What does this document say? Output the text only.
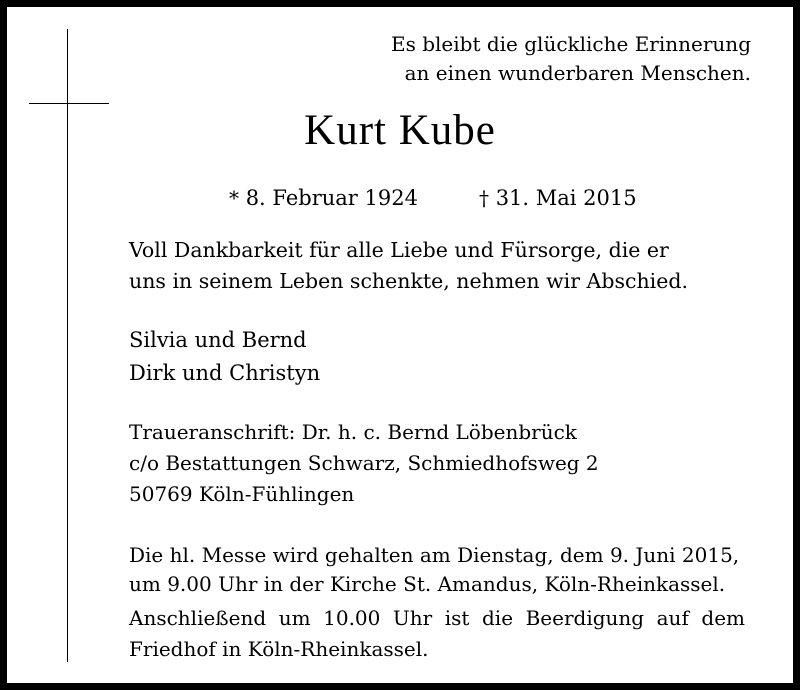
Es bleibt die glückliche Erinnerung
an einen wunderbaren Menschen.
Kurt Kube
* 8. Februar 1924	† 31. Mai 2015
Voll Dankbarkeit für alle Liebe und Fürsorge, die er
uns in seinem Leben schenkte, nehmen wir Abschied.
Silvia und Bernd
Dirk und Christyn
Traueranschrift: Dr. h. c. Bernd Löbenbrück
c/o Bestattungen Schwarz, Schmiedhofsweg 2
50769 Köln-Fühlingen
Die hl. Messe wird gehalten am Dienstag, dem 9. Juni 2015,
um 9.00 Uhr in der Kirche St. Amandus, Köln-Rheinkassel.
Anschließend um 10.00 Uhr ist die Beerdigung auf dem
Friedhof in Köln-Rheinkassel.
